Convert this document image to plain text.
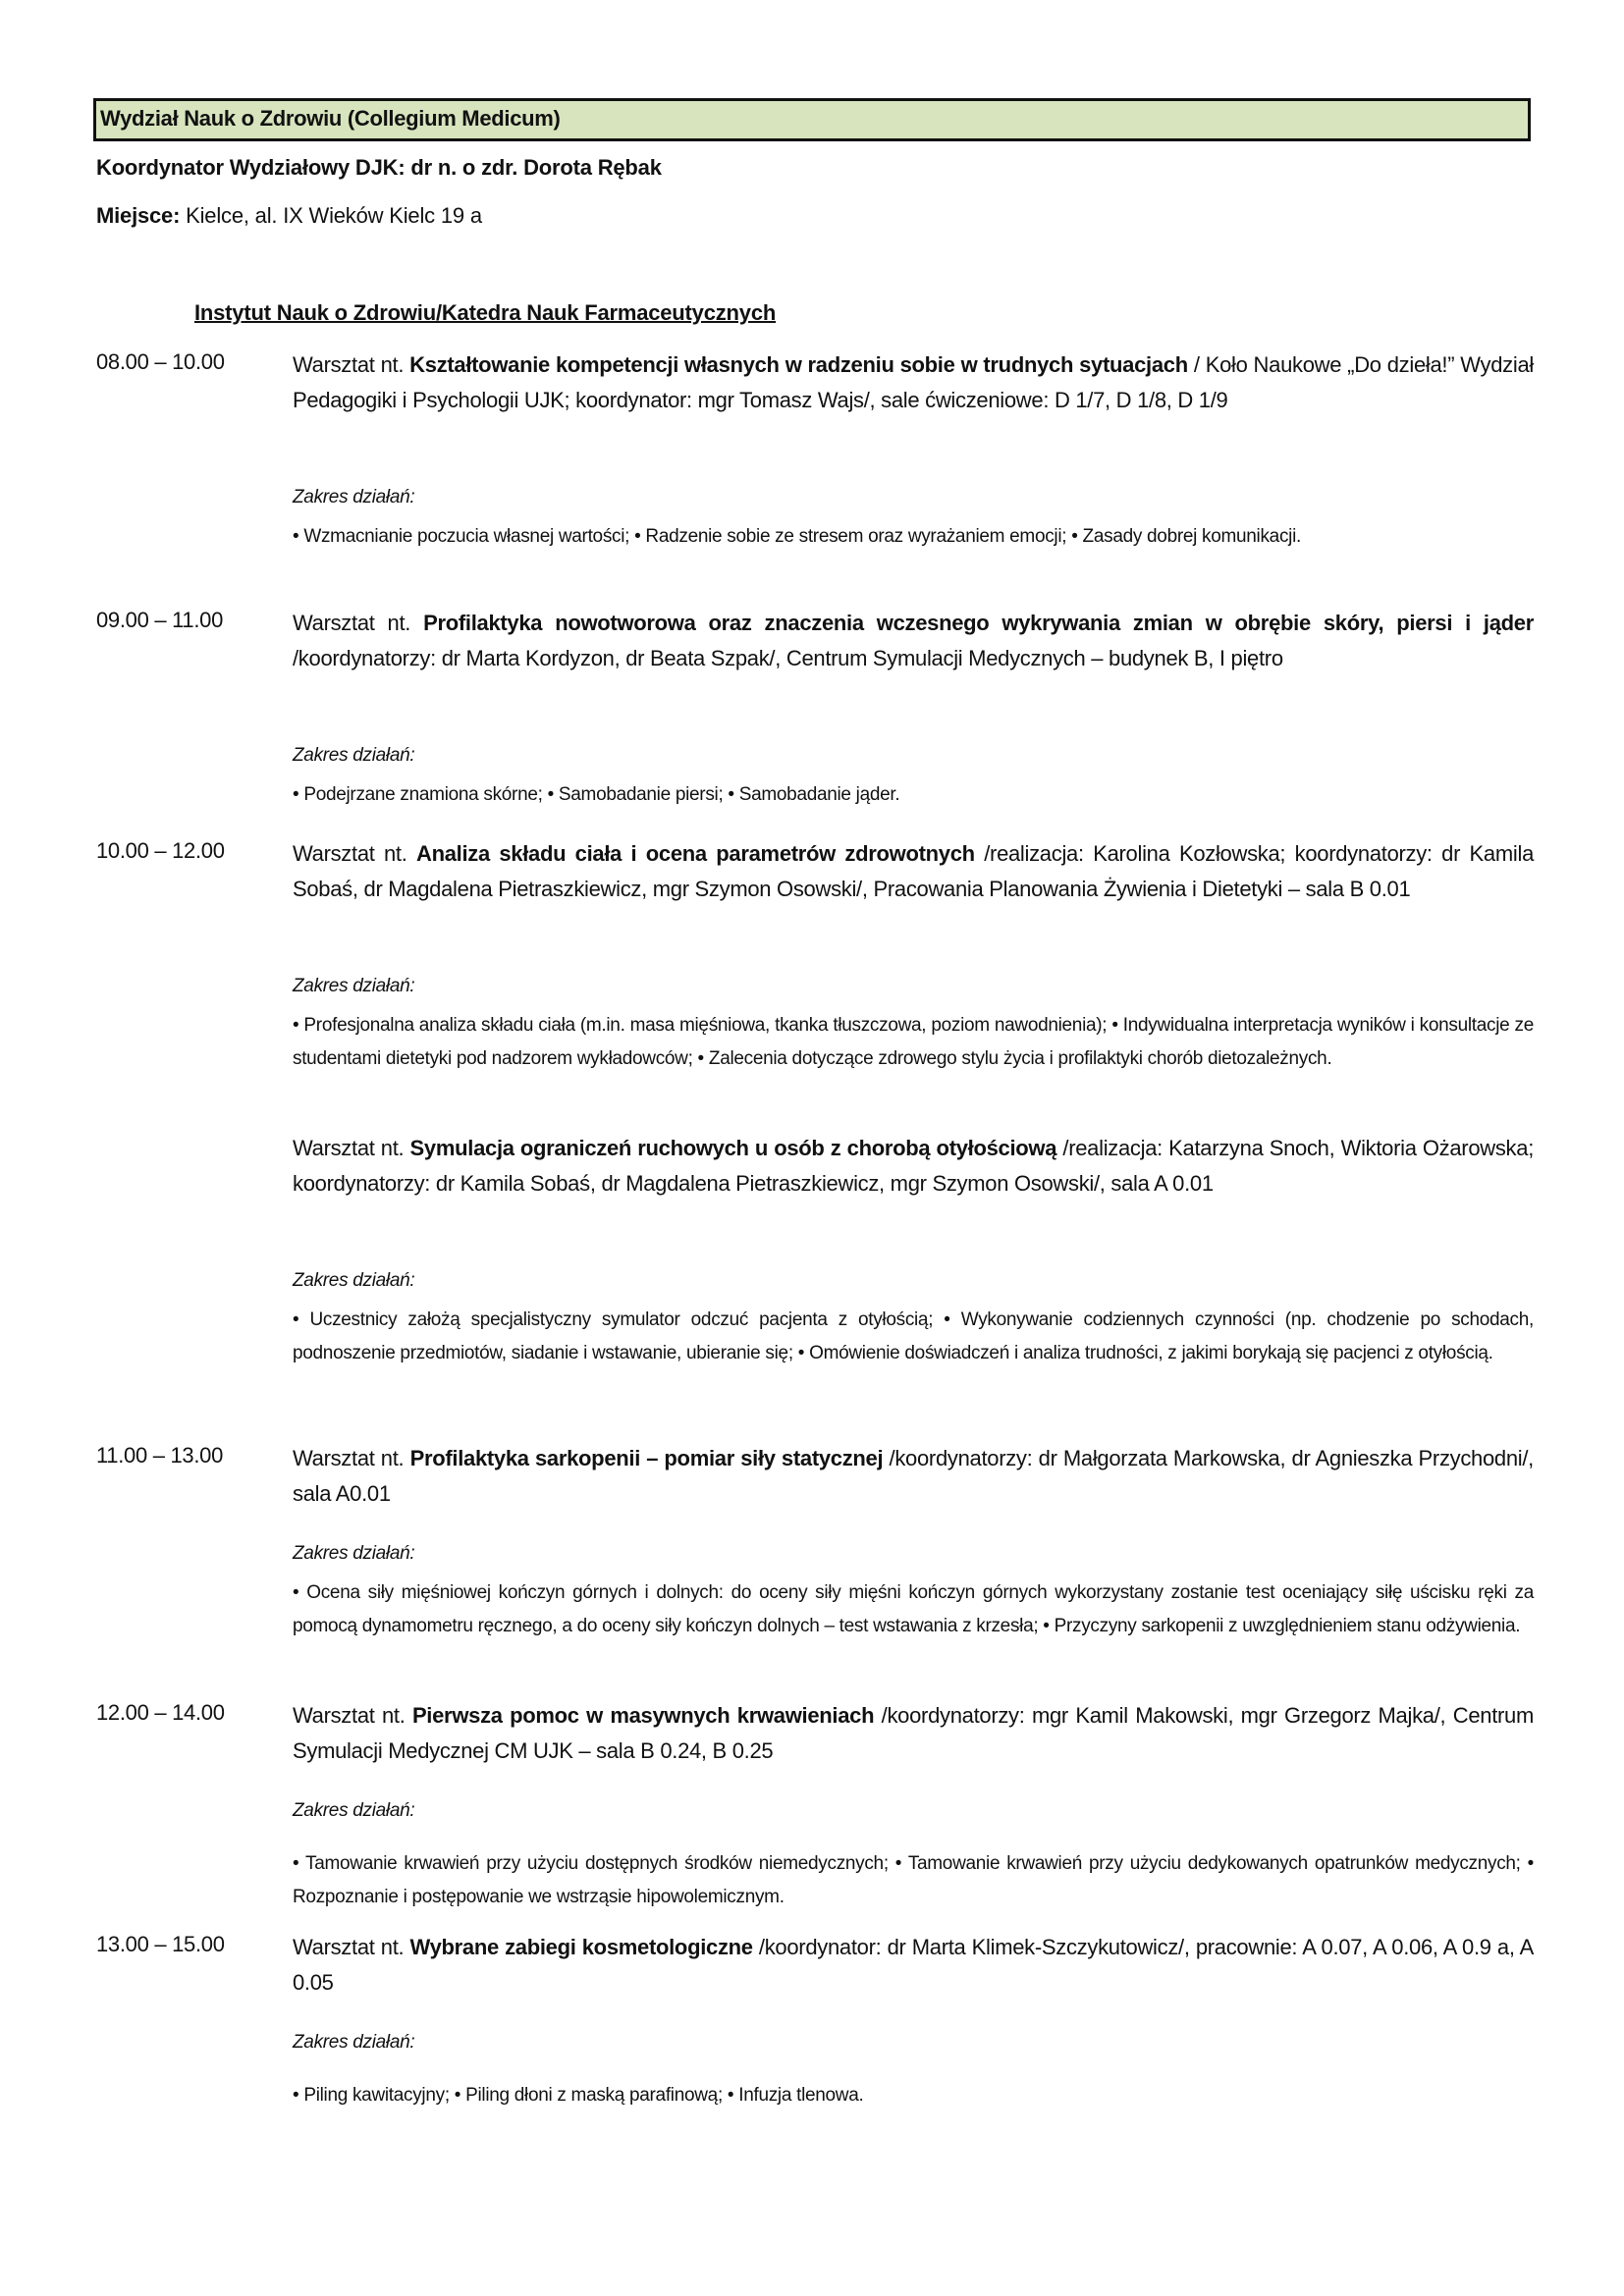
Wydział Nauk o Zdrowiu (Collegium Medicum)
Koordynator Wydziałowy DJK: dr n. o zdr. Dorota Rębak
Miejsce: Kielce, al. IX Wieków Kielc 19 a
Instytut Nauk o Zdrowiu/Katedra Nauk Farmaceutycznych
08.00 – 10.00	Warsztat nt. Kształtowanie kompetencji własnych w radzeniu sobie w trudnych sytuacjach / Koło Naukowe „Do dzieła!” Wydział Pedagogiki i Psychologii UJK; koordynator: mgr Tomasz Wajs/, sale ćwiczeniowe: D 1/7, D 1/8, D 1/9
Zakres działań:
• Wzmacnianie poczucia własnej wartości; • Radzenie sobie ze stresem oraz wyrażaniem emocji; • Zasady dobrej komunikacji.
09.00 – 11.00	Warsztat nt. Profilaktyka nowotworowa oraz znaczenia wczesnego wykrywania zmian w obrębie skóry, piersi i jąder /koordynatorzy: dr Marta Kordyzon, dr Beata Szpak/, Centrum Symulacji Medycznych – budynek B, I piętro
Zakres działań:
• Podejrzane znamiona skórne; • Samobadanie piersi; • Samobadanie jąder.
10.00 – 12.00	Warsztat nt. Analiza składu ciała i ocena parametrów zdrowotnych /realizacja: Karolina Kozłowska; koordynatorzy: dr Kamila Sobaś, dr Magdalena Pietraszkiewicz, mgr Szymon Osowski/, Pracowania Planowania Żywienia i Dietetyki – sala B 0.01
Zakres działań:
• Profesjonalna analiza składu ciała (m.in. masa mięśniowa, tkanka tłuszczowa, poziom nawodnienia); • Indywidualna interpretacja wyników i konsultacje ze studentami dietetyki pod nadzorem wykładowców; • Zalecenia dotyczące zdrowego stylu życia i profilaktyki chorób dietozależnych.
Warsztat nt. Symulacja ograniczeń ruchowych u osób z chorobą otyłościową /realizacja: Katarzyna Snoch, Wiktoria Ożarowska; koordynatorzy: dr Kamila Sobaś, dr Magdalena Pietraszkiewicz, mgr Szymon Osowski/, sala A 0.01
Zakres działań:
• Uczestnicy założą specjalistyczny symulator odczuć pacjenta z otyłością; • Wykonywanie codziennych czynności (np. chodzenie po schodach, podnoszenie przedmiotów, siadanie i wstawanie, ubieranie się; • Omówienie doświadczeń i analiza trudności, z jakimi borykają się pacjenci z otyłością.
11.00 – 13.00	Warsztat nt. Profilaktyka sarkopenii – pomiar siły statycznej /koordynatorzy: dr Małgorzata Markowska, dr Agnieszka Przychodni/, sala A0.01
Zakres działań:
• Ocena siły mięśniowej kończyn górnych i dolnych: do oceny siły mięśni kończyn górnych wykorzystany zostanie test oceniający siłę uścisku ręki za pomocą dynamometru ręcznego, a do oceny siły kończyn dolnych – test wstawania z krzesła; • Przyczyny sarkopenii z uwzględnieniem stanu odżywienia.
12.00 – 14.00	Warsztat nt. Pierwsza pomoc w masywnych krwawieniach /koordynatorzy: mgr Kamil Makowski, mgr Grzegorz Majka/, Centrum Symulacji Medycznej CM UJK – sala B 0.24, B 0.25
Zakres działań:
• Tamowanie krwawień przy użyciu dostępnych środków niemedycznych; • Tamowanie krwawień przy użyciu dedykowanych opatrunków medycznych; • Rozpoznanie i postępowanie we wstrząsie hipowolemicznym.
13.00 – 15.00	Warsztat nt. Wybrane zabiegi kosmetologiczne /koordynator: dr Marta Klimek-Szczykutowicz/, pracownie: A 0.07, A 0.06, A 0.9 a, A 0.05
Zakres działań:
• Piling kawitacyjny; • Piling dłoni z maską parafinową; • Infuzja tlenowa.
